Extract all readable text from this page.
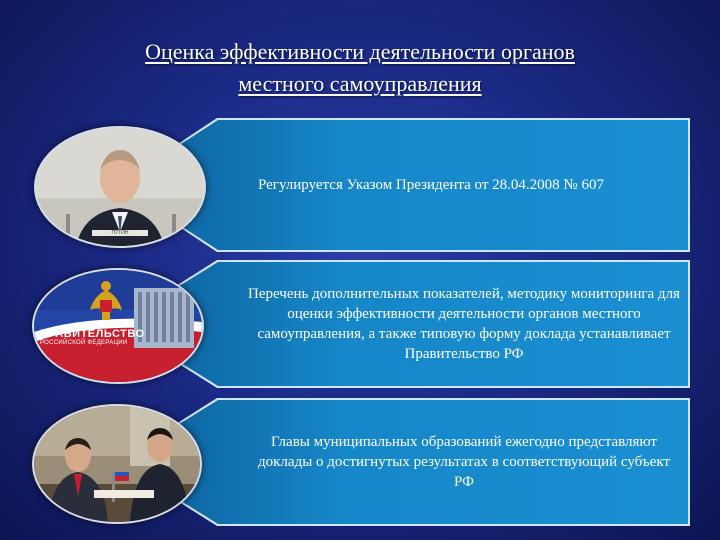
Оценка эффективности деятельности органов
местного самоуправления
ПУТИН
Регулируется Указом Президента от 28.04.2008 № 607
ПРАВИТЕЛЬСТВО
РОССИЙСКОЙ ФЕДЕРАЦИИ
Перечень дополнительных показателей, методику мониторинга для оценки эффективности деятельности органов местного самоуправления, а также типовую форму доклада устанавливает Правительство РФ
Главы муниципальных образований ежегодно представляют доклады о достигнутых результатах в соответствующий субъект РФ
